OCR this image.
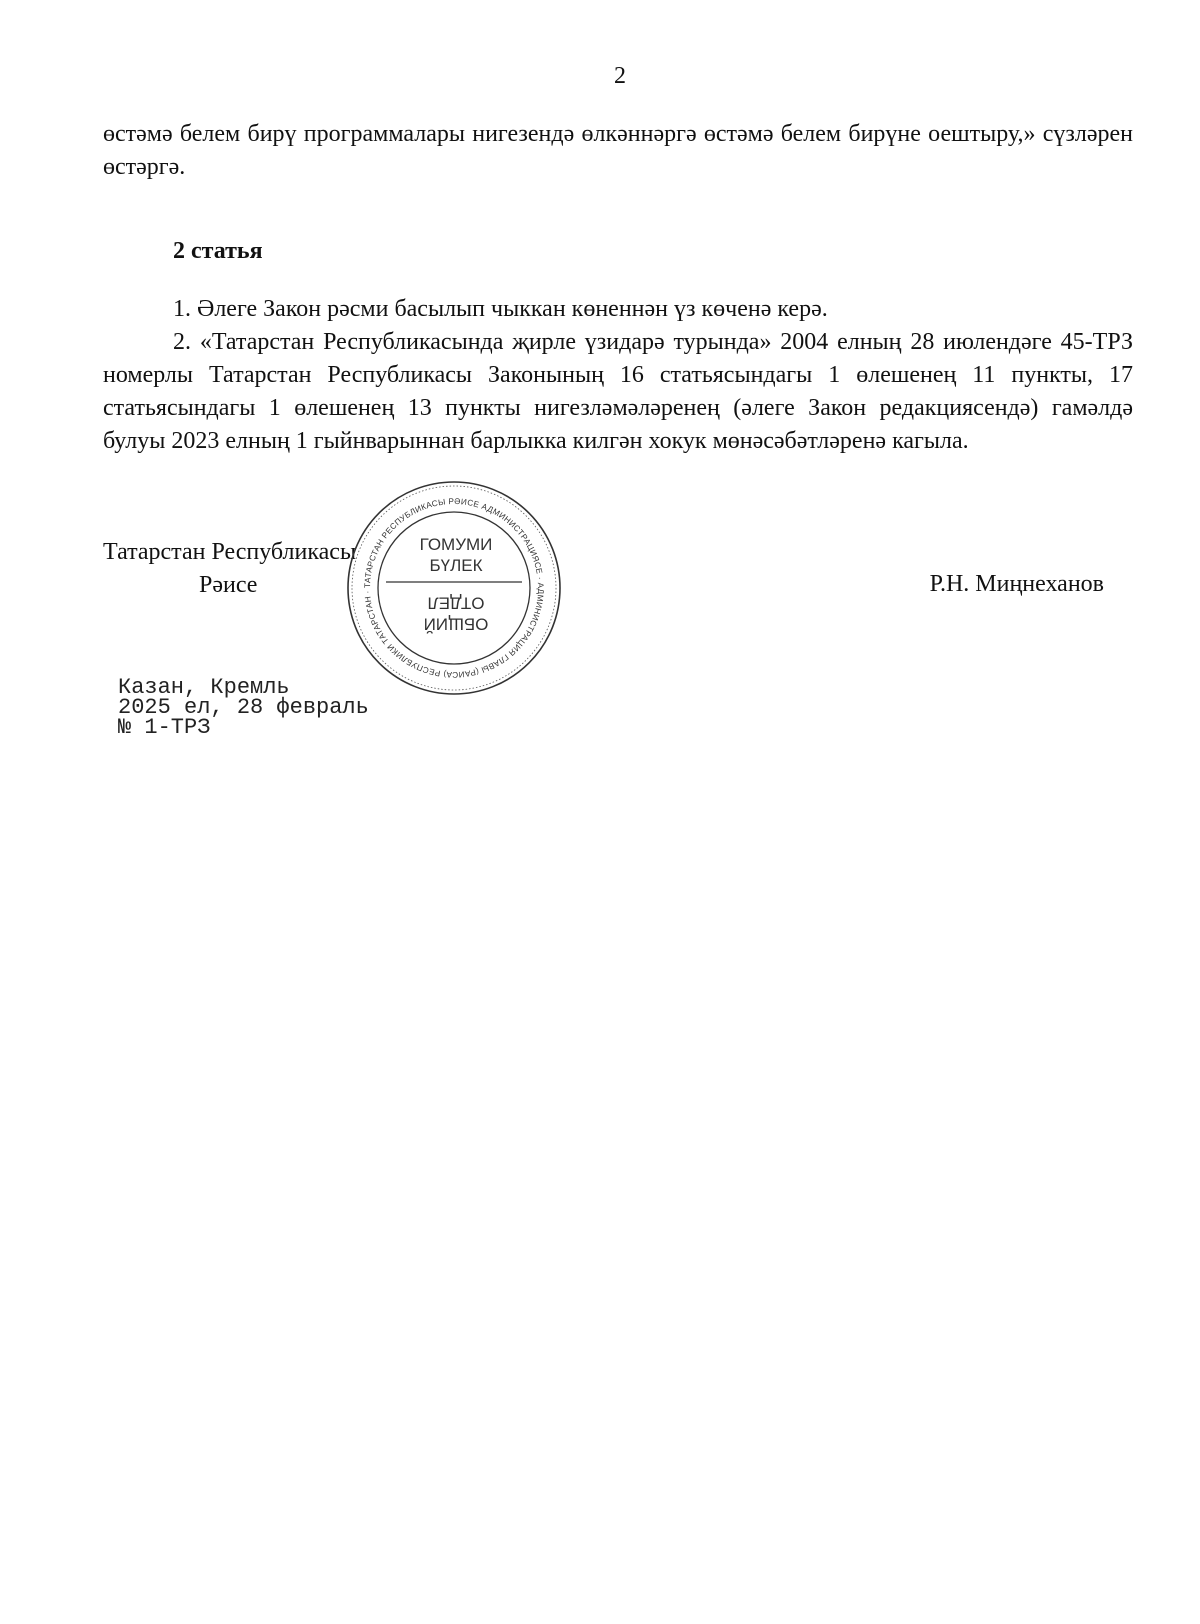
2
өстәмә белем бирү программалары нигезендә өлкәннәргә өстәмә белем бирүне оештыру,» сүзләрен өстәргә.
2 статья
1. Әлеге Закон рәсми басылып чыккан көненнән үз көченә керә.
2. «Татарстан Республикасында җирле үзидарә турында» 2004 елның 28 июлендәге 45-ТРЗ номерлы Татарстан Республикасы Законының 16 статьясындагы 1 өлешенең 11 пункты, 17 статьясындагы 1 өлешенең 13 пункты нигезләмәләренең (әлеге Закон редакциясендә) гамәлдә булуы 2023 елның 1 гыйнварыннан барлыкка килгән хокук мөнәсәбәтләренә кагыла.
Татарстан Республикасы
Рәисе	Р.Н. Миңнеханов
ТАТАРСТАН РЕСПУБЛИКАСЫ РӘИСЕ АДМИНИСТРАЦИЯСЕ · АДМИНИСТРАЦИЯ ГЛАВЫ (РАИСА) РЕСПУБЛИКИ ТАТАРСТАН ·
ГОМУМИ
БҮЛЕК
ОТДЕЛ
ОБЩИЙ
Казан, Кремль
2025 ел, 28 февраль
№ 1-ТРЗ
